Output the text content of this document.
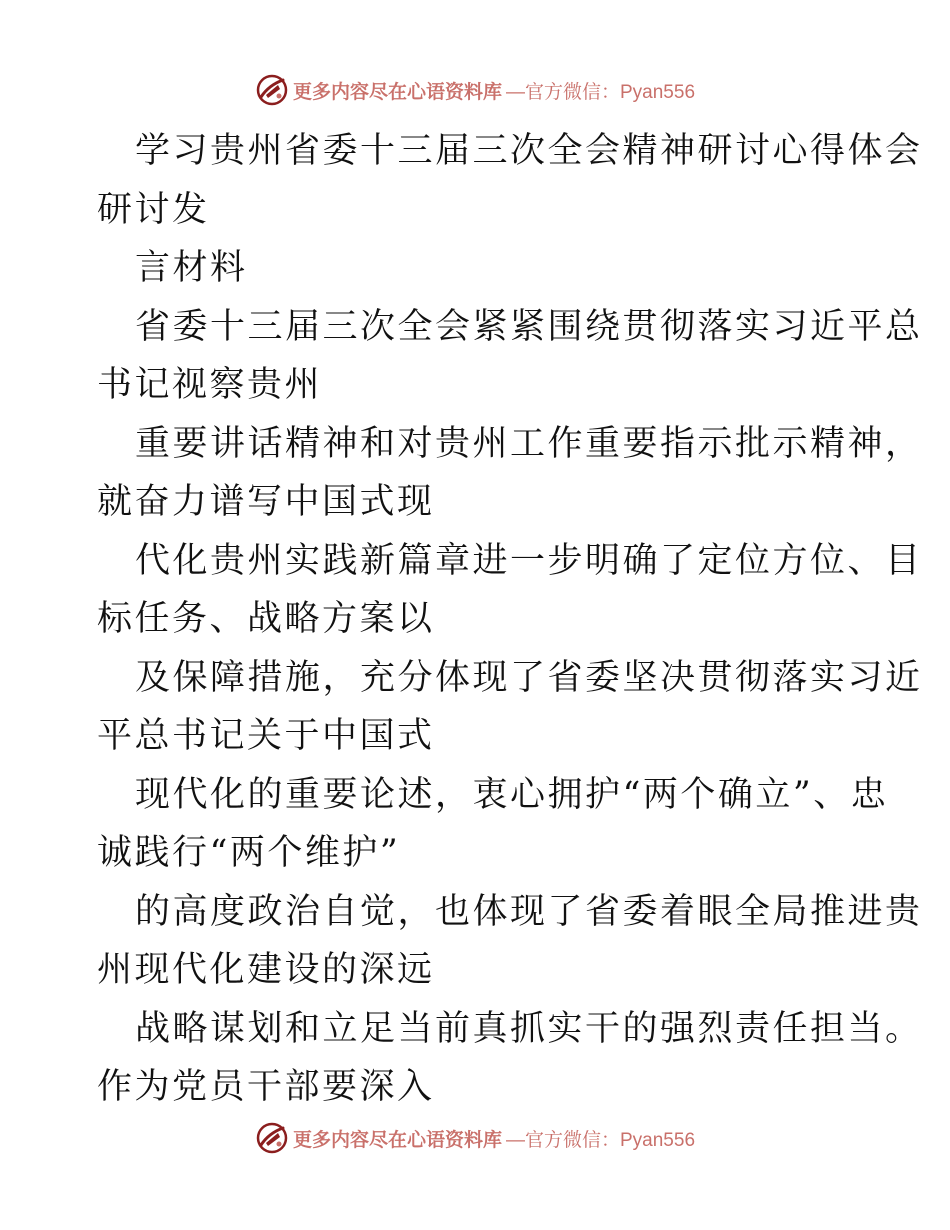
更多内容尽在心语资料库 —官方微信：Pyan556
学习贵州省委十三届三次全会精神研讨心得体会
研讨发
言材料
省委十三届三次全会紧紧围绕贯彻落实习近平总
书记视察贵州
重要讲话精神和对贵州工作重要指示批示精神，
就奋力谱写中国式现
代化贵州实践新篇章进一步明确了定位方位、目
标任务、战略方案以
及保障措施，充分体现了省委坚决贯彻落实习近
平总书记关于中国式
现代化的重要论述，衷心拥护“两个确立”、忠
诚践行“两个维护”
的高度政治自觉，也体现了省委着眼全局推进贵
州现代化建设的深远
战略谋划和立足当前真抓实干的强烈责任担当。
作为党员干部要深入
更多内容尽在心语资料库 —官方微信：Pyan556
